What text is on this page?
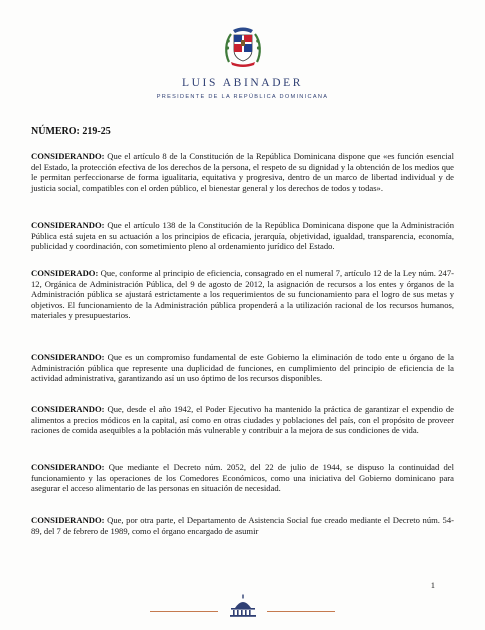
LUIS ABINADER
PRESIDENTE DE LA REPÚBLICA DOMINICANA
NÚMERO: 219-25

CONSIDERANDO: Que el artículo 8 de la Constitución de la República Dominicana dispone que «es función esencial del Estado, la protección efectiva de los derechos de la persona, el respeto de su dignidad y la obtención de los medios que le permitan perfeccionarse de forma igualitaria, equitativa y progresiva, dentro de un marco de libertad individual y de justicia social, compatibles con el orden público, el bienestar general y los derechos de todos y todas».

CONSIDERANDO: Que el artículo 138 de la Constitución de la República Dominicana dispone que la Administración Pública está sujeta en su actuación a los principios de eficacia, jerarquía, objetividad, igualdad, transparencia, economía, publicidad y coordinación, con sometimiento pleno al ordenamiento jurídico del Estado.

CONSIDERADO: Que, conforme al principio de eficiencia, consagrado en el numeral 7, artículo 12 de la Ley núm. 247-12, Orgánica de Administración Pública, del 9 de agosto de 2012, la asignación de recursos a los entes y órganos de la Administración pública se ajustará estrictamente a los requerimientos de su funcionamiento para el logro de sus metas y objetivos. El funcionamiento de la Administración pública propenderá a la utilización racional de los recursos humanos, materiales y presupuestarios.

CONSIDERANDO: Que es un compromiso fundamental de este Gobierno la eliminación de todo ente u órgano de la Administración pública que represente una duplicidad de funciones, en cumplimiento del principio de eficiencia de la actividad administrativa, garantizando así un uso óptimo de los recursos disponibles.

CONSIDERANDO: Que, desde el año 1942, el Poder Ejecutivo ha mantenido la práctica de garantizar el expendio de alimentos a precios módicos en la capital, así como en otras ciudades y poblaciones del país, con el propósito de proveer raciones de comida asequibles a la población más vulnerable y contribuir a la mejora de sus condiciones de vida.

CONSIDERANDO: Que mediante el Decreto núm. 2052, del 22 de julio de 1944, se dispuso la continuidad del funcionamiento y las operaciones de los Comedores Económicos, como una iniciativa del Gobierno dominicano para asegurar el acceso alimentario de las personas en situación de necesidad.

CONSIDERANDO: Que, por otra parte, el Departamento de Asistencia Social fue creado mediante el Decreto núm. 54-89, del 7 de febrero de 1989, como el órgano encargado de asumir

1
